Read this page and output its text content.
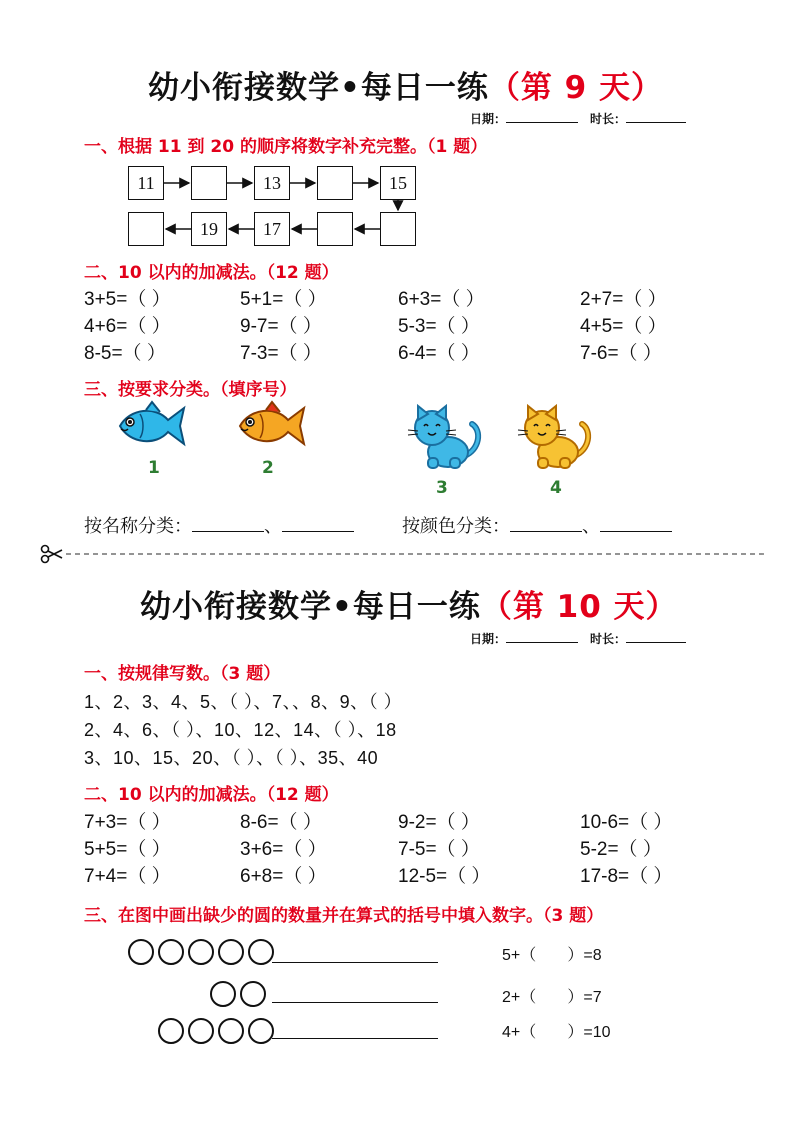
幼小衔接数学•每日一练（第 9 天）
日期：	时长：
一、根据 11 到 20 的顺序将数字补充完整。（1 题）
11	13	15
19	17
二、10 以内的加减法。（12 题）
3+5=（ ）	5+1=（ ）	6+3=（ ）	2+7=（ ）
4+6=（ ）	9-7=（ ）	5-3=（ ）	4+5=（ ）
8-5=（ ）	7-3=（ ）	6-4=（ ）	7-6=（ ）
三、按要求分类。（填序号）
1	2
3	4
按名称分类：	、	按颜色分类：	、
幼小衔接数学•每日一练（第 10 天）
日期：	时长：
一、按规律写数。（3 题）
1、2、3、4、5、（ ）、7、、8、9、（ ）
2、4、6、（ ）、10、12、14、（ ）、18
3、10、15、20、（ ）、（ ）、35、40
二、10 以内的加减法。（12 题）
7+3=（ ）	8-6=（ ）	9-2=（ ）	10-6=（ ）
5+5=（ ）	3+6=（ ）	7-5=（ ）	5-2=（ ）
7+4=（ ）	6+8=（ ）	12-5=（ ）	17-8=（ ）
三、在图中画出缺少的圆的数量并在算式的括号中填入数字。（3 题）
5+（       ）=8
2+（       ）=7
4+（       ）=10
